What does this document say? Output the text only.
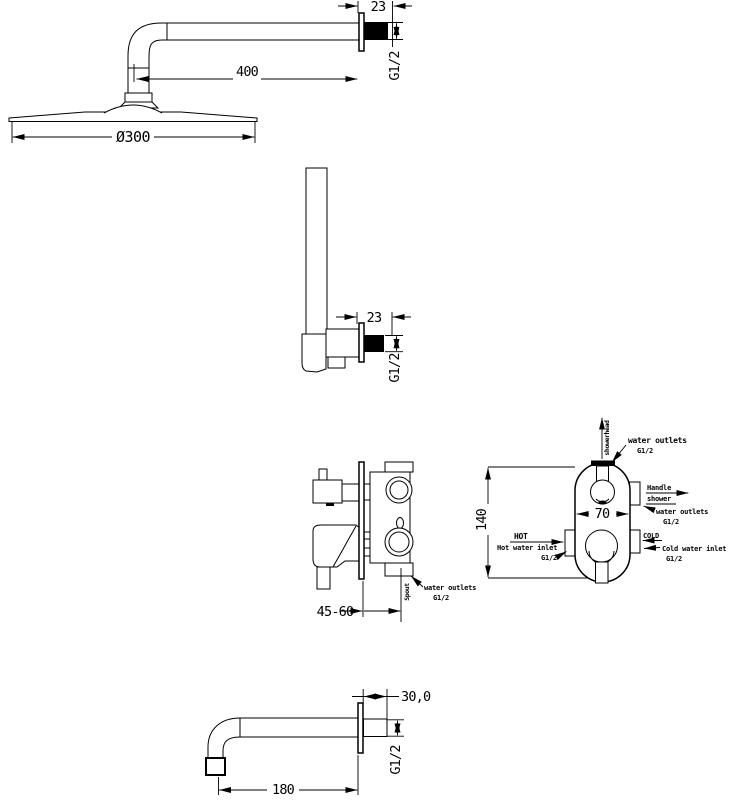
23
G1/2
400
Ø300
23
G1/2
45-60
Spout water outlets
G1/2
140
showerhead
70
water outlets
G1/2
Handle
shower
water outlets
G1/2
HOT
Hot water inlet
G1/2
COLD
Cold water inlet
G1/2
30,0
G1/2
180
